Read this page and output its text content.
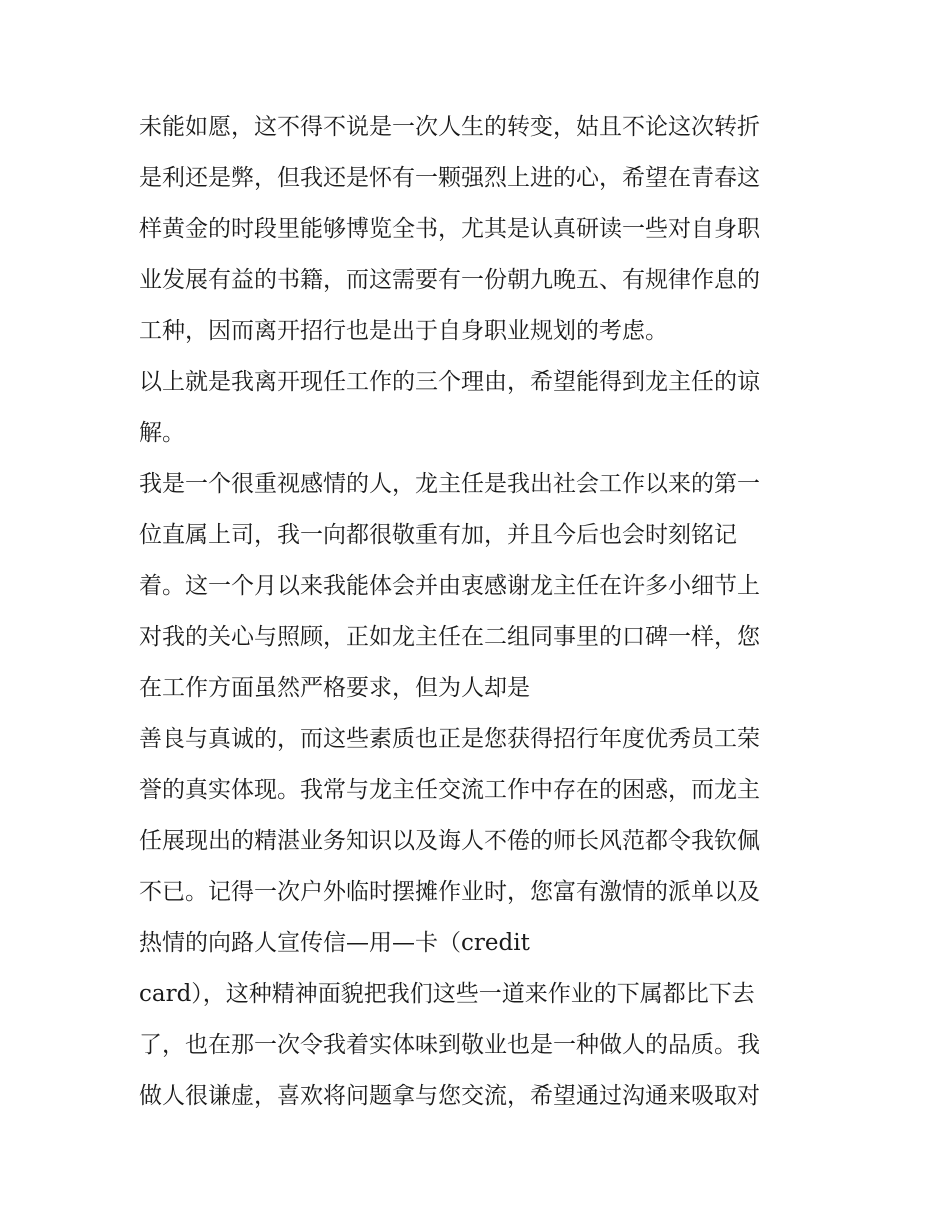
未能如愿，这不得不说是一次人生的转变，姑且不论这次转折
是利还是弊，但我还是怀有一颗强烈上进的心，希望在青春这
样黄金的时段里能够博览全书，尤其是认真研读一些对自身职
业发展有益的书籍，而这需要有一份朝九晚五、有规律作息的
工种，因而离开招行也是出于自身职业规划的考虑。
以上就是我离开现任工作的三个理由，希望能得到龙主任的谅
解。
我是一个很重视感情的人，龙主任是我出社会工作以来的第一
位直属上司，我一向都很敬重有加，并且今后也会时刻铭记
着。这一个月以来我能体会并由衷感谢龙主任在许多小细节上
对我的关心与照顾，正如龙主任在二组同事里的口碑一样，您
在工作方面虽然严格要求，但为人却是
善良与真诚的，而这些素质也正是您获得招行年度优秀员工荣
誉的真实体现。我常与龙主任交流工作中存在的困惑，而龙主
任展现出的精湛业务知识以及诲人不倦的师长风范都令我钦佩
不已。记得一次户外临时摆摊作业时，您富有激情的派单以及
热情的向路人宣传信—用—卡（credit
card），这种精神面貌把我们这些一道来作业的下属都比下去
了，也在那一次令我着实体味到敬业也是一种做人的品质。我
做人很谦虚，喜欢将问题拿与您交流，希望通过沟通来吸取对
